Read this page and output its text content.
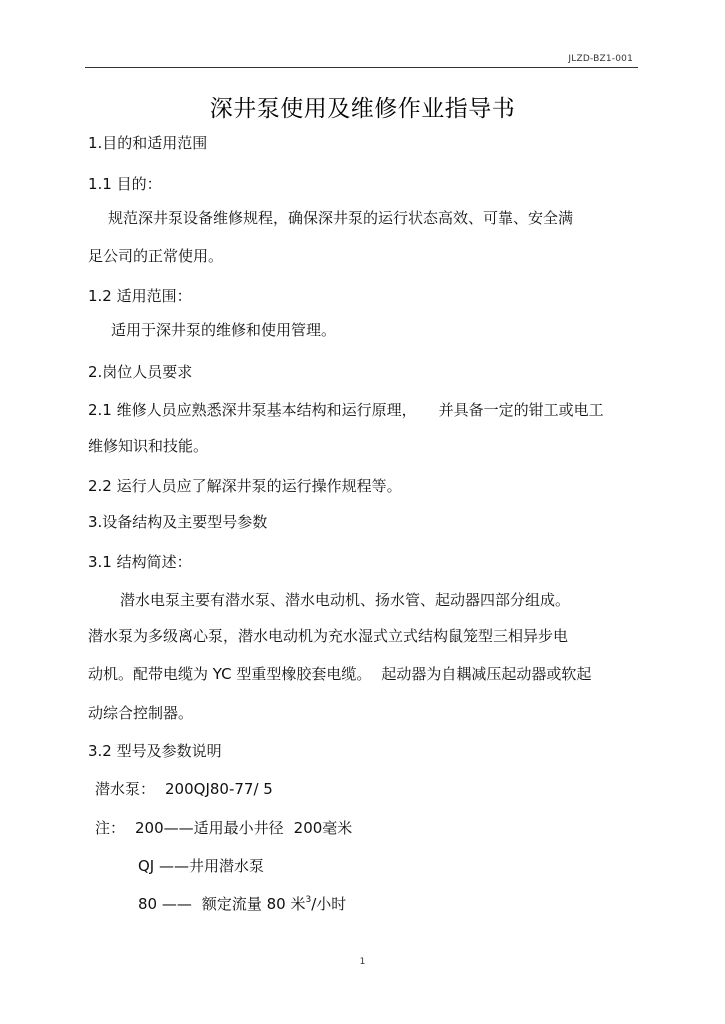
JLZD-BZ1-001
深井泵使用及维修作业指导书
1.目的和适用范围
1.1 目的：
规范深井泵设备维修规程，确保深井泵的运行状态高效、可靠、安全满
足公司的正常使用。
1.2 适用范围：
适用于深井泵的维修和使用管理。
2.岗位人员要求
2.1 维修人员应熟悉深井泵基本结构和运行原理， 并具备一定的钳工或电工
维修知识和技能。
2.2 运行人员应了解深井泵的运行操作规程等。
3.设备结构及主要型号参数
3.1 结构简述：
潜水电泵主要有潜水泵、潜水电动机、扬水管、起动器四部分组成。
潜水泵为多级离心泵，潜水电动机为充水湿式立式结构鼠笼型三相异步电
动机。配带电缆为 YC 型重型橡胶套电缆。 起动器为自耦减压起动器或软起
动综合控制器。
3.2 型号及参数说明
潜水泵： 200QJ80-77/ 5
注： 200——适用最小井径 200毫米
QJ ——井用潜水泵
80 —— 额定流量 80 米$^3$/小时
1
